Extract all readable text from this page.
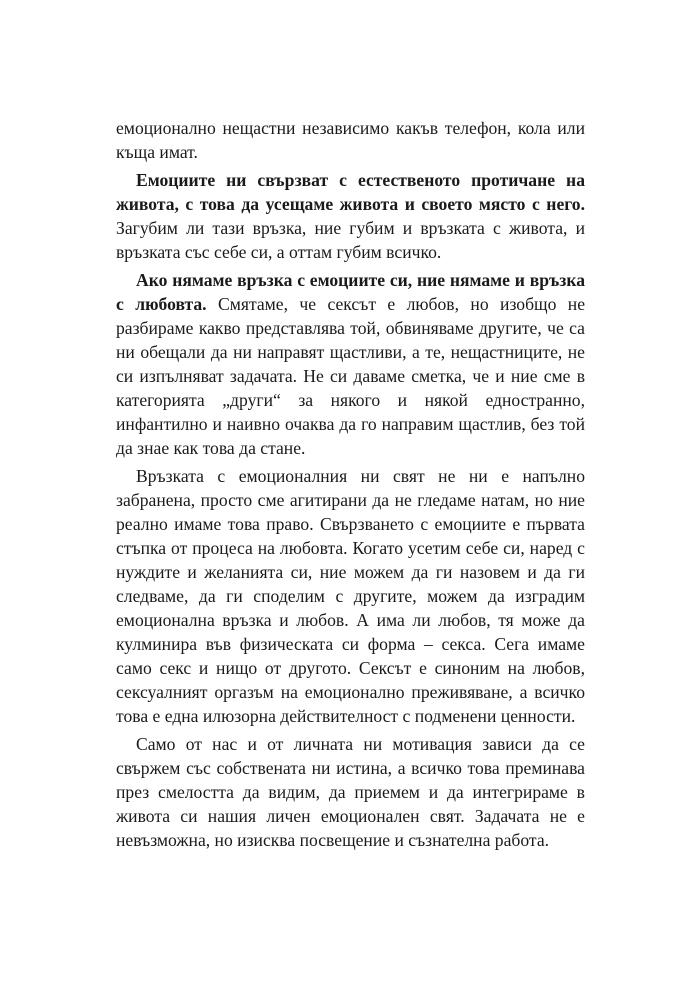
емоционално нещастни независимо какъв телефон, кола или къща имат.

Емоциите ни свързват с естественото протичане на живота, с това да усещаме живота и своето място с него. Загубим ли тази връзка, ние губим и връзката с живота, и връзката със себе си, а оттам губим всичко.

Ако нямаме връзка с емоциите си, ние нямаме и връзка с любовта. Смятаме, че сексът е любов, но изобщо не разбираме какво представлява той, обвиняваме другите, че са ни обещали да ни направят щастливи, а те, нещастниците, не си изпълняват задачата. Не си даваме сметка, че и ние сме в категорията „други“ за някого и някой едностранно, инфантилно и наивно очаква да го направим щастлив, без той да знае как това да стане.

Връзката с емоционалния ни свят не ни е напълно забранена, просто сме агитирани да не гледаме натам, но ние реално имаме това право. Свързването с емоциите е първата стъпка от процеса на любовта. Когато усетим себе си, наред с нуждите и желанията си, ние можем да ги назовем и да ги следваме, да ги споделим с другите, можем да изградим емоционална връзка и любов. А има ли любов, тя може да кулминира във физическата си форма – секса. Сега имаме само секс и нищо от другото. Сексът е синоним на любов, сексуалният оргазъм на емоционално преживяване, а всичко това е една илюзорна действителност с подменени ценности.

Само от нас и от личната ни мотивация зависи да се свържем със собствената ни истина, а всичко това преминава през смелостта да видим, да приемем и да интегрираме в живота си нашия личен емоционален свят. Задачата не е невъзможна, но изисква посвещение и съзнателна работа.
